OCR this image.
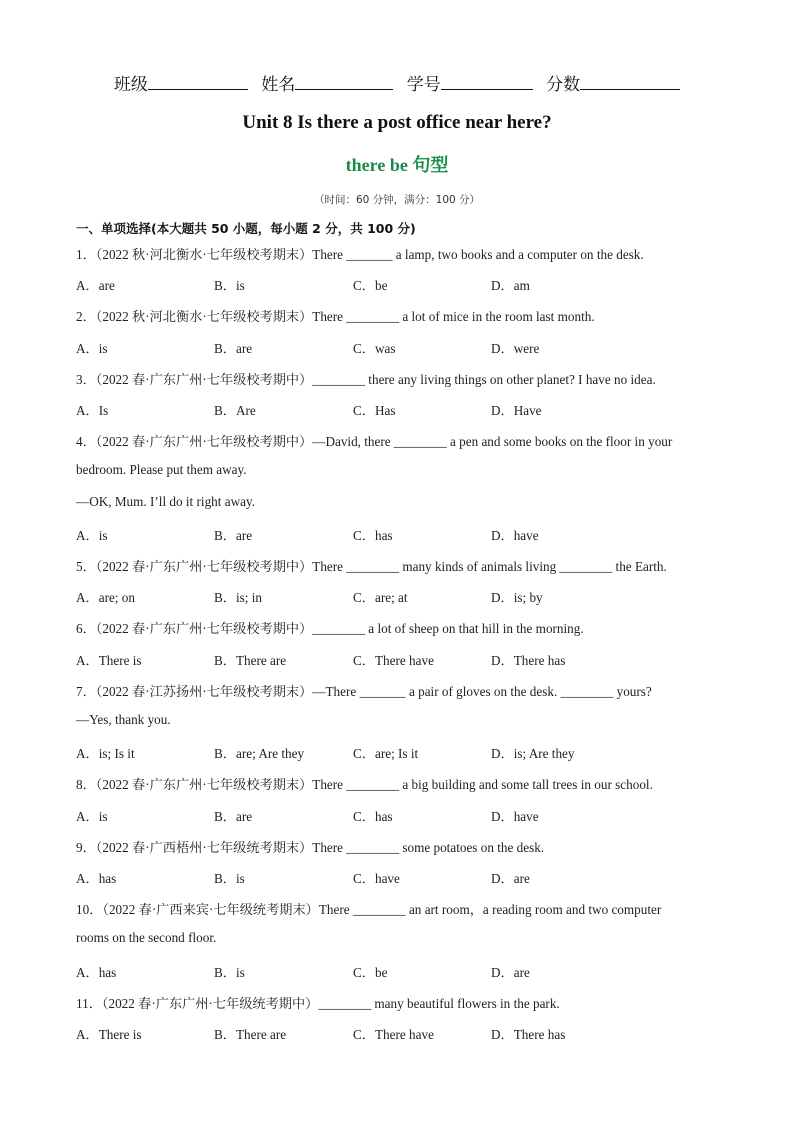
班级	姓名	学号	分数
Unit 8 Is there a post office near here?
there be 句型
（时间：60 分钟，满分：100 分）
一、单项选择(本大题共 50 小题，每小题 2 分，共 100 分)
1．（2022 秋·河北衡水·七年级校考期末）There _______ a lamp, two books and a computer on the desk.
A．are	B．is	C．be	D．am
2．（2022 秋·河北衡水·七年级校考期末）There ________ a lot of mice in the room last month.
A．is	B．are	C．was	D．were
3．（2022 春·广东广州·七年级校考期中）________ there any living things on other planet? I have no idea.
A．Is	B．Are	C．Has	D．Have
4．（2022 春·广东广州·七年级校考期中）—David, there ________ a pen and some books on the floor in your
bedroom. Please put them away.
—OK, Mum. I’ll do it right away.
A．is	B．are	C．has	D．have
5．（2022 春·广东广州·七年级校考期中）There ________ many kinds of animals living ________ the Earth.
A．are; on	B．is; in	C．are; at	D．is; by
6．（2022 春·广东广州·七年级校考期中）________ a lot of sheep on that hill in the morning.
A．There is	B．There are	C．There have	D．There has
7．（2022 春·江苏扬州·七年级校考期末）—There _______ a pair of gloves on the desk. ________ yours?
—Yes, thank you.
A．is; Is it	B．are; Are they	C．are; Is it	D．is; Are they
8．（2022 春·广东广州·七年级校考期末）There ________ a big building and some tall trees in our school.
A．is	B．are	C．has	D．have
9．（2022 春·广西梧州·七年级统考期末）There ________ some potatoes on the desk.
A．has	B．is	C．have	D．are
10．（2022 春·广西来宾·七年级统考期末）There ________ an art room，a reading room and two computer
rooms on the second floor.
A．has	B．is	C．be	D．are
11．（2022 春·广东广州·七年级统考期中）________ many beautiful flowers in the park.
A．There is	B．There are	C．There have	D．There has
